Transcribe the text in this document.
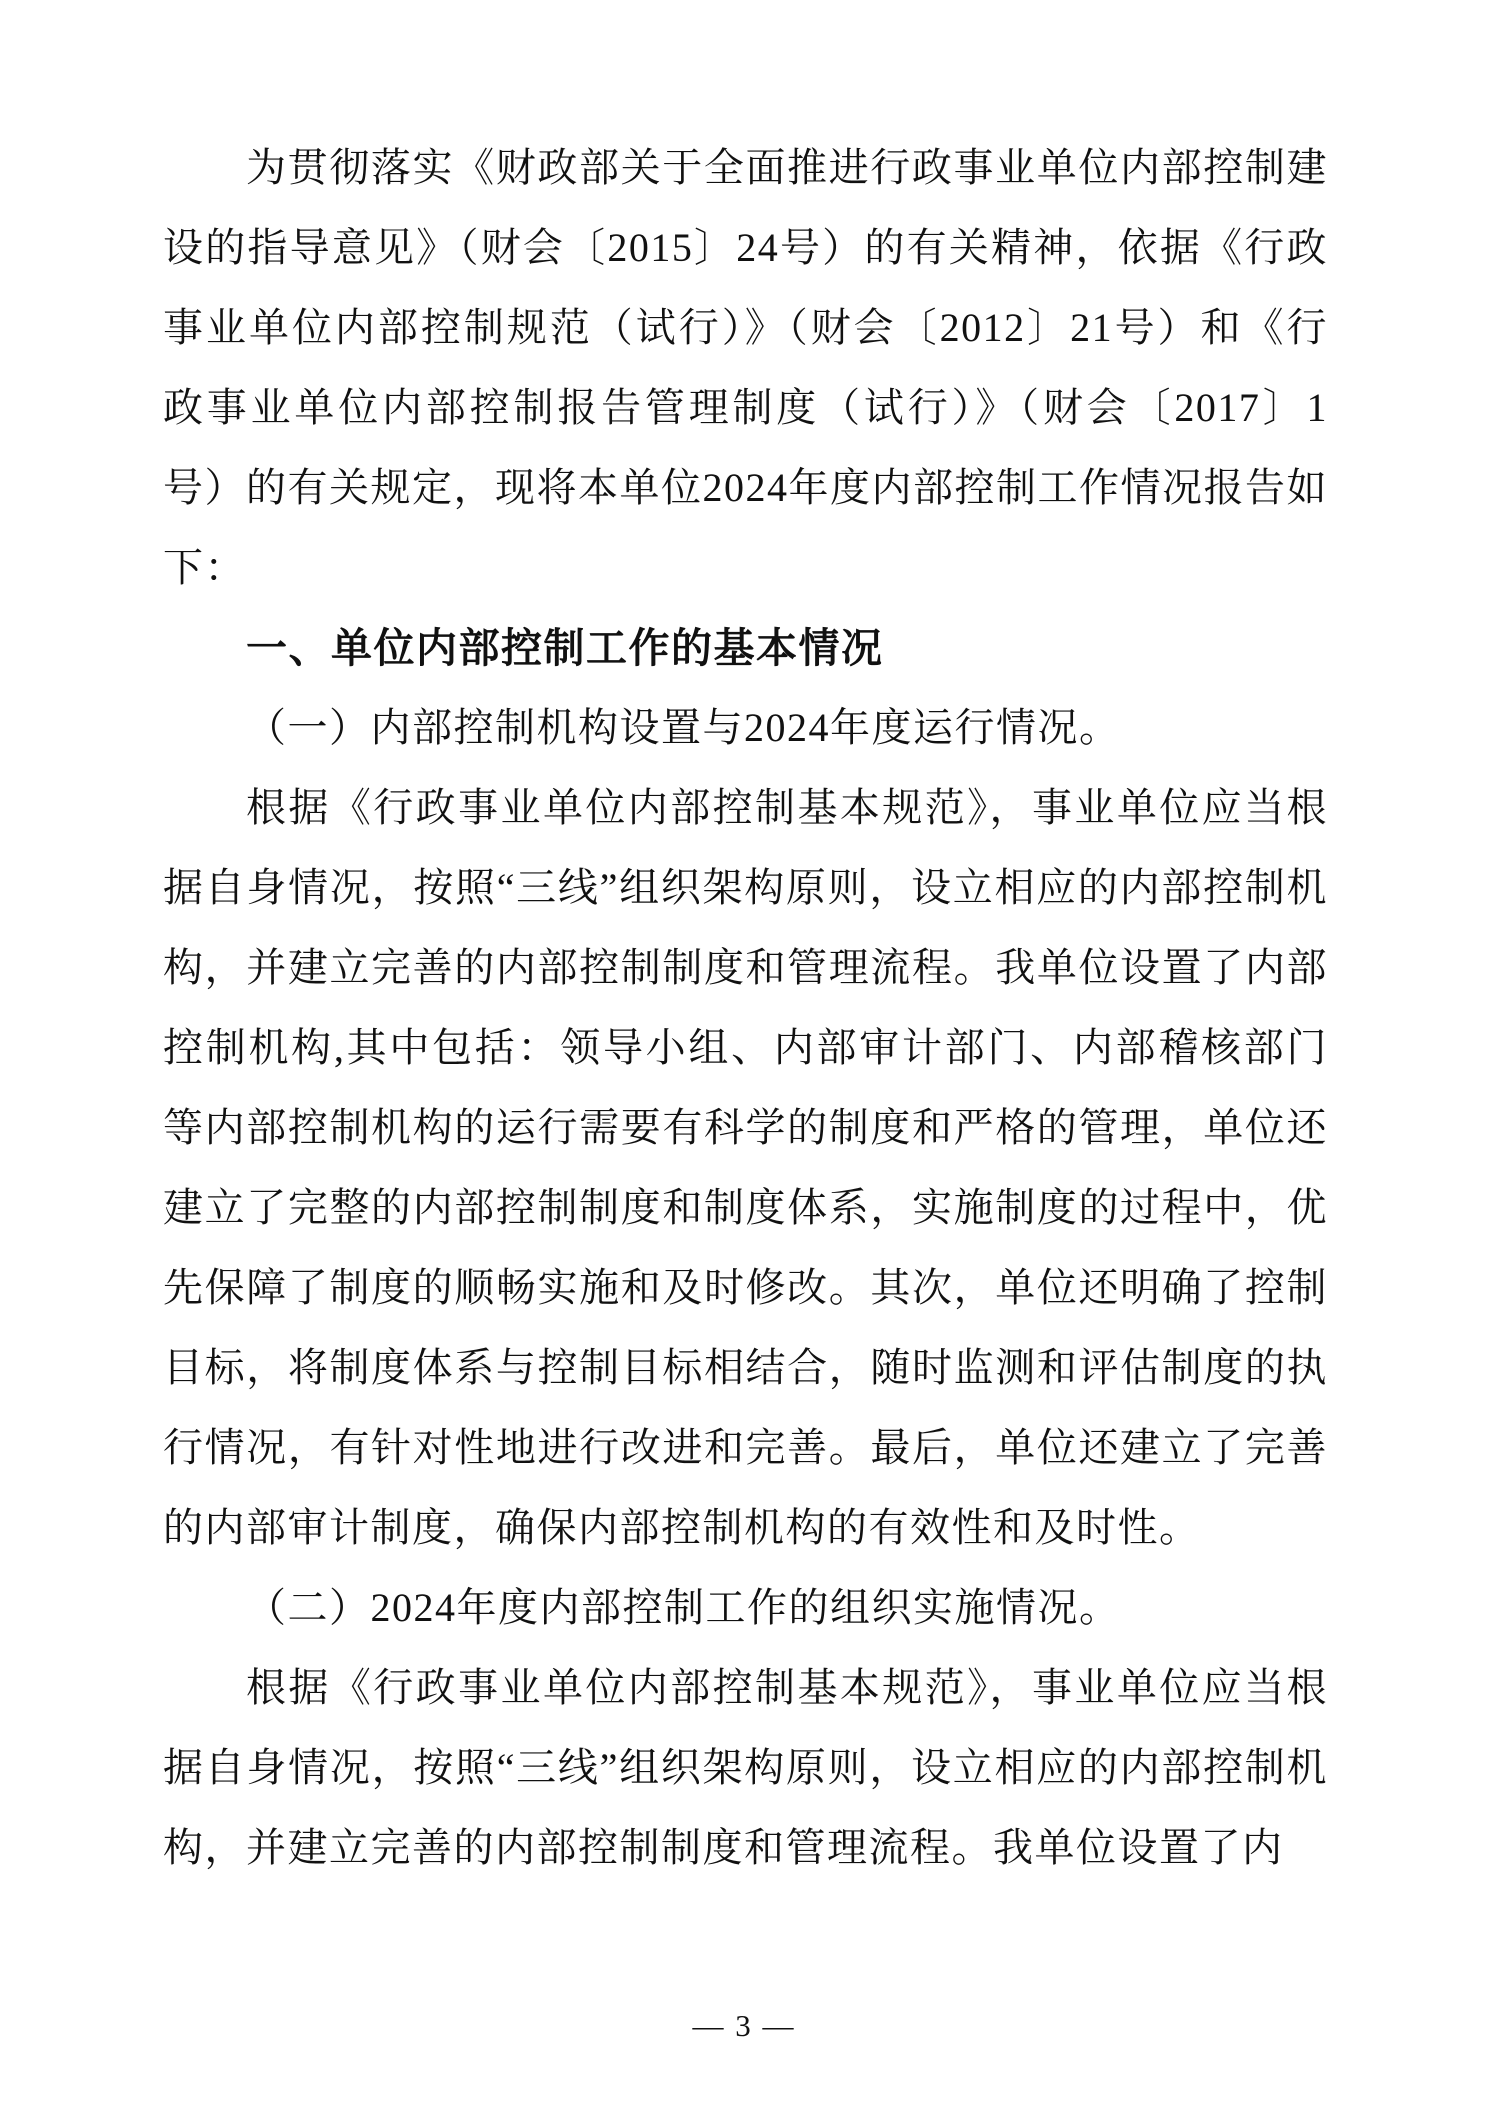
为贯彻落实《财政部关于全面推进行政事业单位内部控制建设的指导意见》（财会〔2015〕24号）的有关精神，依据《行政事业单位内部控制规范（试行）》（财会〔2012〕21号）和《行政事业单位内部控制报告管理制度（试行）》（财会〔2017〕1号）的有关规定，现将本单位2024年度内部控制工作情况报告如下：

一、单位内部控制工作的基本情况

（一）内部控制机构设置与2024年度运行情况。

根据《行政事业单位内部控制基本规范》，事业单位应当根据自身情况，按照“三线”组织架构原则，设立相应的内部控制机构，并建立完善的内部控制制度和管理流程。我单位设置了内部控制机构,其中包括：领导小组、内部审计部门、内部稽核部门等内部控制机构的运行需要有科学的制度和严格的管理，单位还建立了完整的内部控制制度和制度体系，实施制度的过程中，优先保障了制度的顺畅实施和及时修改。其次，单位还明确了控制目标，将制度体系与控制目标相结合，随时监测和评估制度的执行情况，有针对性地进行改进和完善。最后，单位还建立了完善的内部审计制度，确保内部控制机构的有效性和及时性。

（二）2024年度内部控制工作的组织实施情况。

根据《行政事业单位内部控制基本规范》，事业单位应当根据自身情况，按照“三线”组织架构原则，设立相应的内部控制机构，并建立完善的内部控制制度和管理流程。我单位设置了内

— 3 —
